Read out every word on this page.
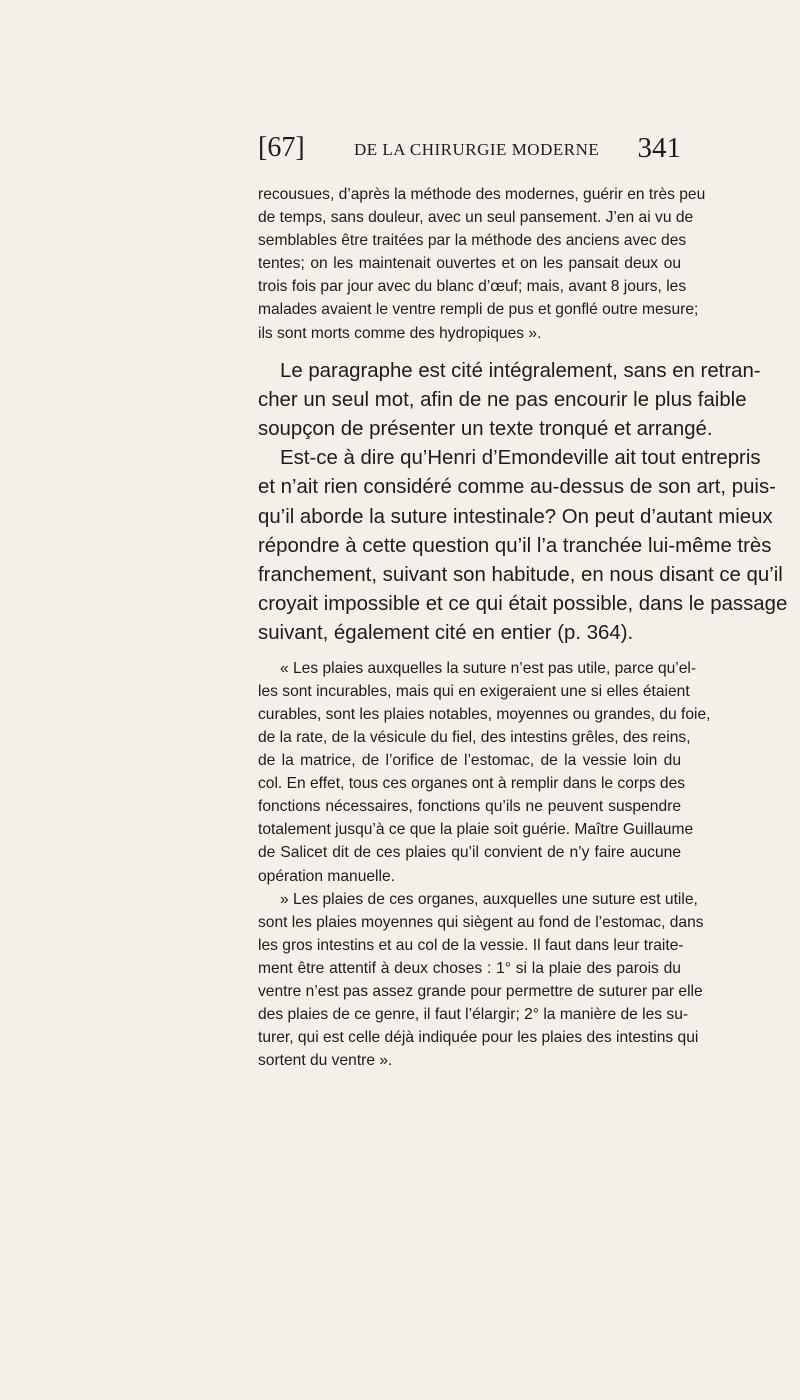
[67]	DE LA CHIRURGIE MODERNE 341
recousues, d’après la méthode des modernes, guérir en très peu
de temps, sans douleur, avec un seul pansement. J’en ai vu de
semblables être traitées par la méthode des anciens avec des
tentes; on les maintenait ouvertes et on les pansait deux ou
trois fois par jour avec du blanc d’œuf; mais, avant 8 jours, les
malades avaient le ventre rempli de pus et gonflé outre mesure;
ils sont morts comme des hydropiques ».
Le paragraphe est cité intégralement, sans en retran-
cher un seul mot, afin de ne pas encourir le plus faible
soupçon de présenter un texte tronqué et arrangé.
Est-ce à dire qu’Henri d’Emondeville ait tout entrepris
et n’ait rien considéré comme au-dessus de son art, puis-
qu’il aborde la suture intestinale? On peut d’autant mieux
répondre à cette question qu’il l’a tranchée lui-même très
franchement, suivant son habitude, en nous disant ce qu’il
croyait impossible et ce qui était possible, dans le passage
suivant, également cité en entier (p. 364).
« Les plaies auxquelles la suture n’est pas utile, parce qu’el-
les sont incurables, mais qui en exigeraient une si elles étaient
curables, sont les plaies notables, moyennes ou grandes, du foie,
de la rate, de la vésicule du fiel, des intestins grêles, des reins,
de la matrice, de l’orifice de l’estomac, de la vessie loin du
col. En effet, tous ces organes ont à remplir dans le corps des
fonctions nécessaires, fonctions qu’ils ne peuvent suspendre
totalement jusqu’à ce que la plaie soit guérie. Maître Guillaume
de Salicet dit de ces plaies qu’il convient de n’y faire aucune
opération manuelle.
» Les plaies de ces organes, auxquelles une suture est utile,
sont les plaies moyennes qui siègent au fond de l’estomac, dans
les gros intestins et au col de la vessie. Il faut dans leur traite-
ment être attentif à deux choses : 1° si la plaie des parois du
ventre n’est pas assez grande pour permettre de suturer par elle
des plaies de ce genre, il faut l’élargir; 2° la manière de les su-
turer, qui est celle déjà indiquée pour les plaies des intestins qui
sortent du ventre ».
